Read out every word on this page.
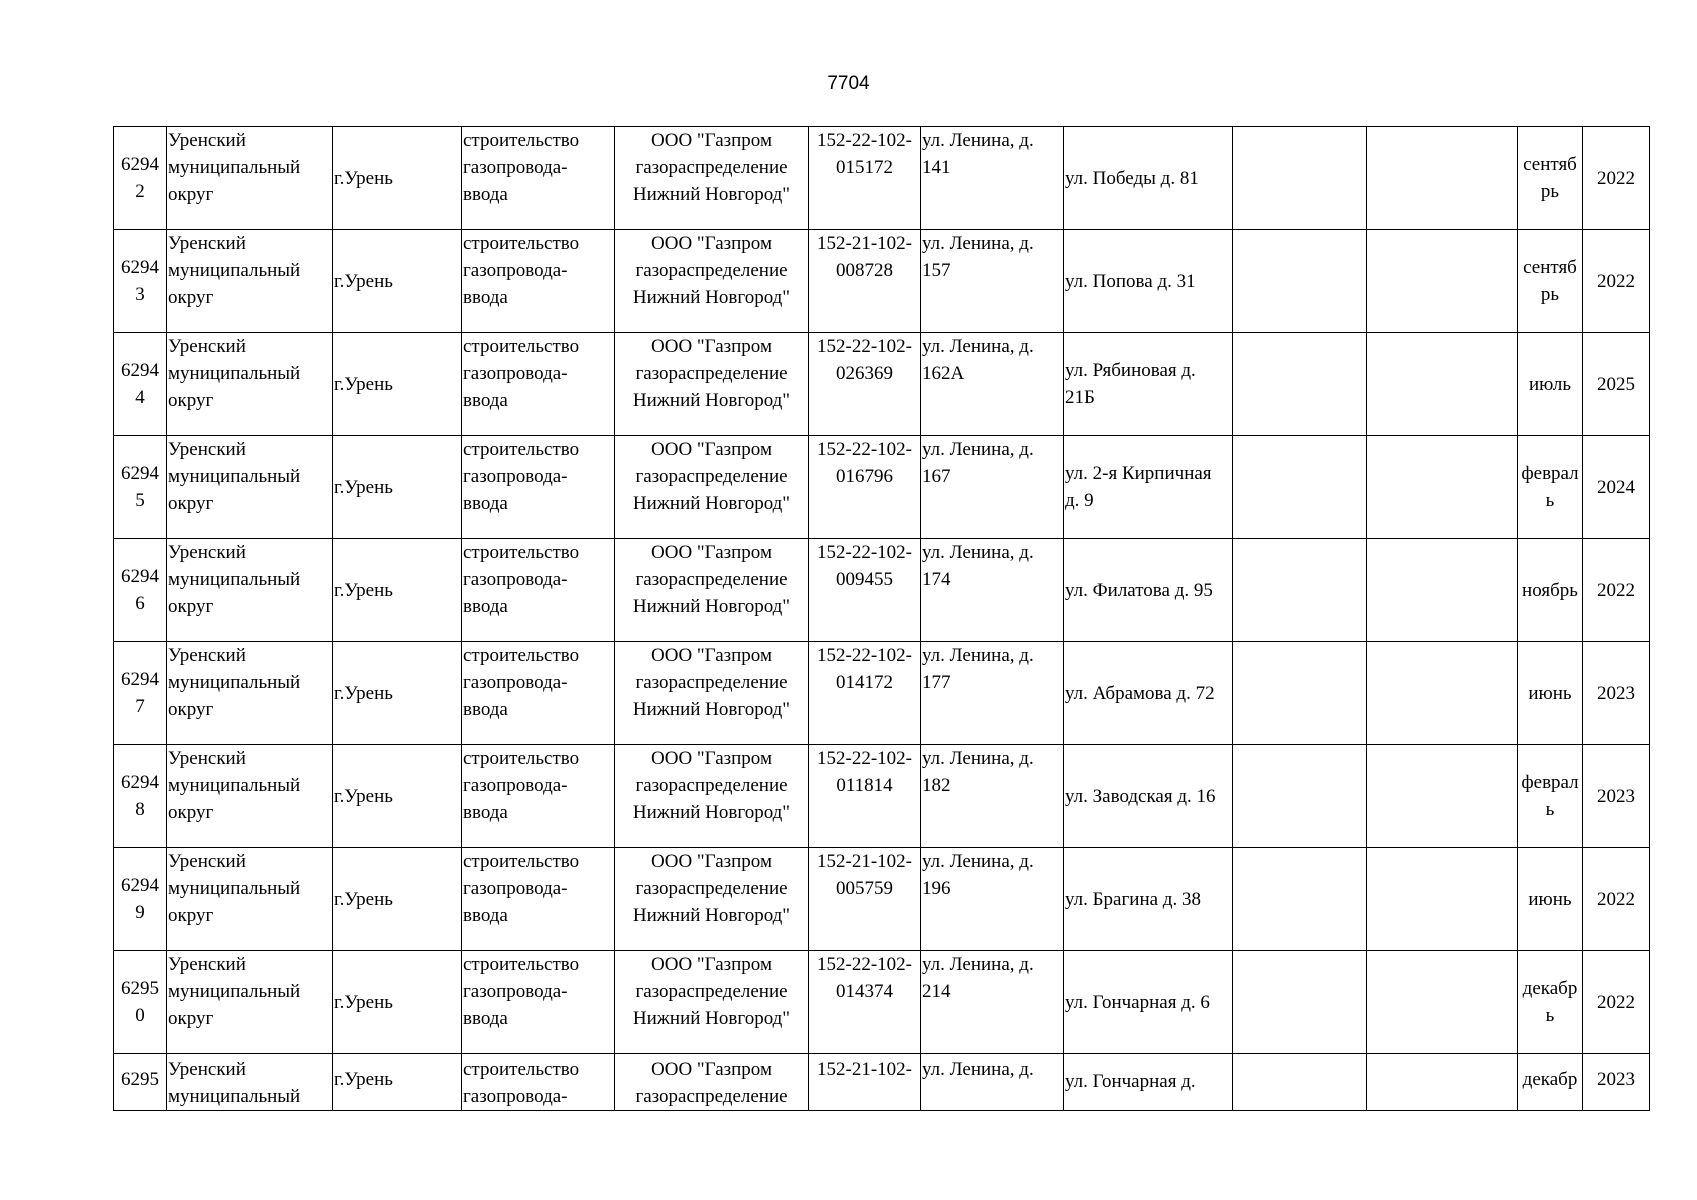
7704
6294
2	Уренский
муниципальный
округ	г.Урень	строительство
газопровода-
ввода	ООО "Газпром
газораспределение
Нижний Новгород"	152-22-102-
015172	ул. Ленина, д.
141	ул. Победы д. 81			сентяб
рь	2022

6294
3	Уренский
муниципальный
округ	г.Урень	строительство
газопровода-
ввода	ООО "Газпром
газораспределение
Нижний Новгород"	152-21-102-
008728	ул. Ленина, д.
157	ул. Попова д. 31			сентяб
рь	2022

6294
4	Уренский
муниципальный
округ	г.Урень	строительство
газопровода-
ввода	ООО "Газпром
газораспределение
Нижний Новгород"	152-22-102-
026369	ул. Ленина, д.
162А	ул. Рябиновая д.
21Б			июль	2025

6294
5	Уренский
муниципальный
округ	г.Урень	строительство
газопровода-
ввода	ООО "Газпром
газораспределение
Нижний Новгород"	152-22-102-
016796	ул. Ленина, д.
167	ул. 2-я Кирпичная
д. 9			феврал
ь	2024

6294
6	Уренский
муниципальный
округ	г.Урень	строительство
газопровода-
ввода	ООО "Газпром
газораспределение
Нижний Новгород"	152-22-102-
009455	ул. Ленина, д.
174	ул. Филатова д. 95			ноябрь	2022

6294
7	Уренский
муниципальный
округ	г.Урень	строительство
газопровода-
ввода	ООО "Газпром
газораспределение
Нижний Новгород"	152-22-102-
014172	ул. Ленина, д.
177	ул. Абрамова д. 72			июнь	2023

6294
8	Уренский
муниципальный
округ	г.Урень	строительство
газопровода-
ввода	ООО "Газпром
газораспределение
Нижний Новгород"	152-22-102-
011814	ул. Ленина, д.
182	ул. Заводская д. 16			феврал
ь	2023

6294
9	Уренский
муниципальный
округ	г.Урень	строительство
газопровода-
ввода	ООО "Газпром
газораспределение
Нижний Новгород"	152-21-102-
005759	ул. Ленина, д.
196	ул. Брагина д. 38			июнь	2022

6295
0	Уренский
муниципальный
округ	г.Урень	строительство
газопровода-
ввода	ООО "Газпром
газораспределение
Нижний Новгород"	152-22-102-
014374	ул. Ленина, д.
214	ул. Гончарная д. 6			декабр
ь	2022

6295	Уренский
муниципальный	г.Урень	строительство
газопровода-	ООО "Газпром
газораспределение	152-21-102-	ул. Ленина, д.	ул. Гончарная д.			декабр	2023
